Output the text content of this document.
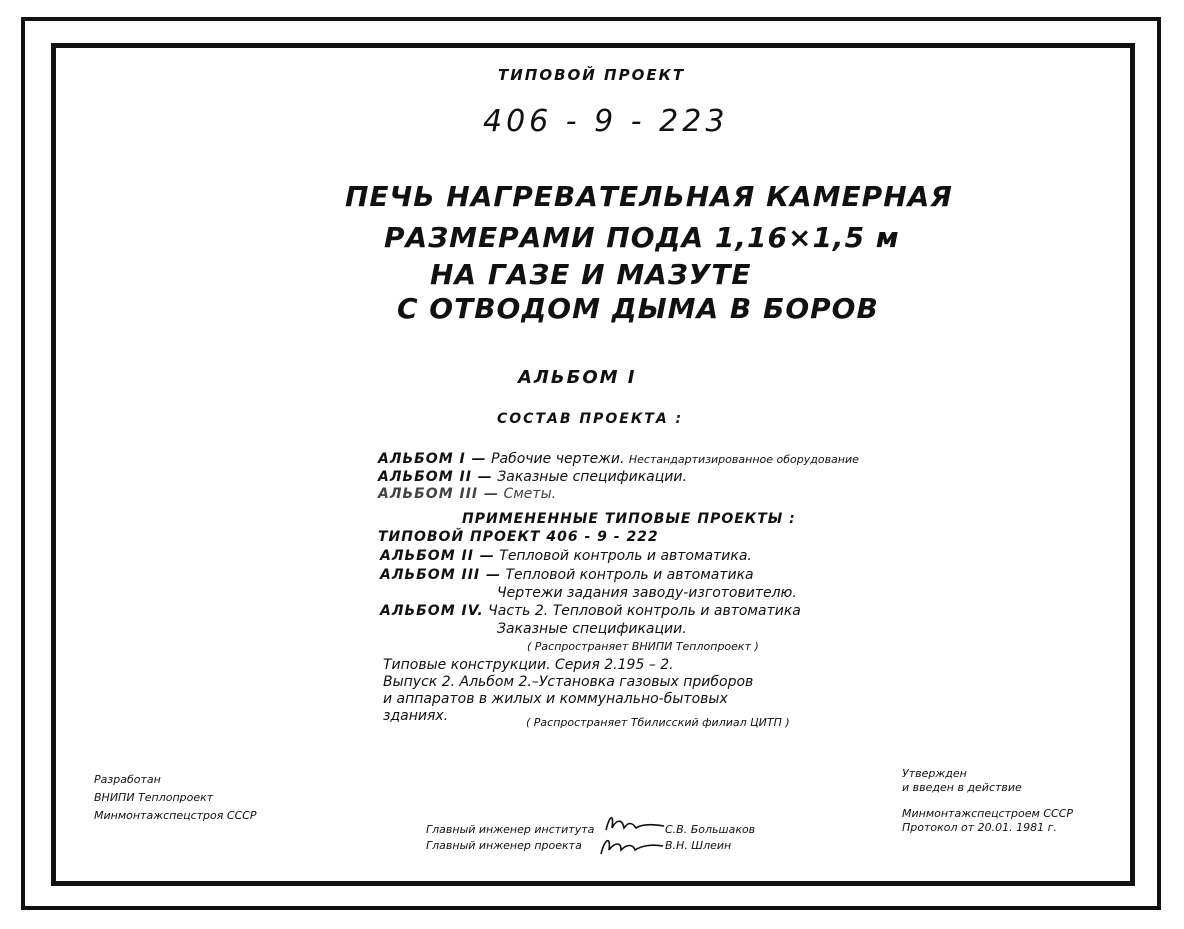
ТИПОВОЙ ПРОЕКТ
406 - 9 - 223
ПЕЧЬ НАГРЕВАТЕЛЬНАЯ КАМЕРНАЯ
РАЗМЕРАМИ ПОДА 1,16×1,5 м
НА ГАЗЕ И МАЗУТЕ
С ОТВОДОМ ДЫМА В БОРОВ
АЛЬБОМ I
СОСТАВ ПРОЕКТА :
АЛЬБОМ I — Рабочие чертежи. Нестандартизированное оборудование
АЛЬБОМ II — Заказные спецификации.
АЛЬБОМ III — Сметы.
ПРИМЕНЕННЫЕ ТИПОВЫЕ ПРОЕКТЫ :
ТИПОВОЙ ПРОЕКТ 406 - 9 - 222
АЛЬБОМ II — Тепловой контроль и автоматика.
АЛЬБОМ III — Тепловой контроль и автоматика
Чертежи задания заводу-изготовителю.
АЛЬБОМ IV. Часть 2. Тепловой контроль и автоматика
Заказные спецификации.
( Распространяет ВНИПИ Теплопроект )
Типовые конструкции. Серия 2.195 – 2.
Выпуск 2. Альбом 2.–Установка газовых приборов
и аппаратов в жилых и коммунально-бытовых
зданиях.	( Распространяет Тбилисский филиал ЦИТП )
Разработан
ВНИПИ Теплопроект
Минмонтажспецстроя СССР
Утвержден
и введен в действие
Минмонтажспецстроем СССР
Протокол от 20.01. 1981 г.
Главный инженер института	С.В. Большаков
Главный инженер проекта	В.Н. Шлеин
